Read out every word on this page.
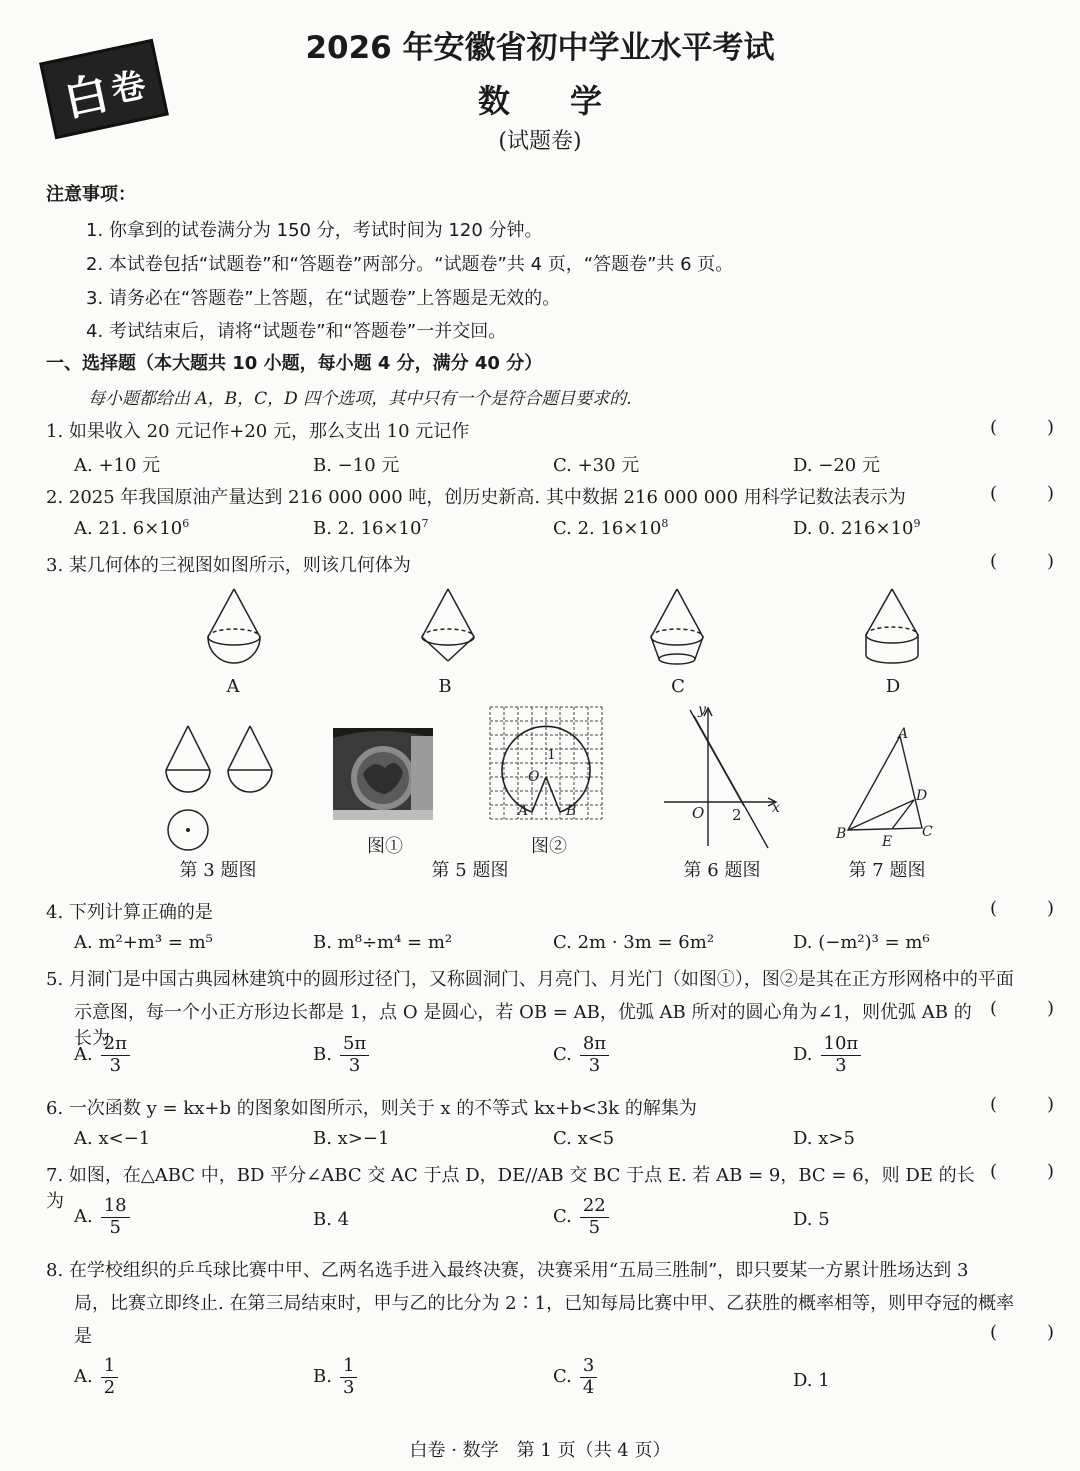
白
卷
2026 年安徽省初中学业水平考试
数学
(试题卷)
注意事项：
1. 你拿到的试卷满分为 150 分，考试时间为 120 分钟。
2. 本试卷包括“试题卷”和“答题卷”两部分。“试题卷”共 4 页，“答题卷”共 6 页。
3. 请务必在“答题卷”上答题，在“试题卷”上答题是无效的。
4. 考试结束后，请将“试题卷”和“答题卷”一并交回。
一、选择题（本大题共 10 小题，每小题 4 分，满分 40 分）
每小题都给出 A，B，C，D 四个选项，其中只有一个是符合题目要求的.
1. 如果收入 20 元记作+20 元，那么支出 10 元记作	(	)
A. +10 元	B. −10 元	C. +30 元	D. −20 元
2. 2025 年我国原油产量达到 216 000 000 吨，创历史新高. 其中数据 216 000 000 用科学记数法表示为	(	)
A. 21. $6\times 10^6$	B. 2. $16\times 10^7$	C. 2. $16\times 10^8$	D. 0. $216\times 10^9$
3. 某几何体的三视图如图所示，则该几何体为	(	)
A	B	C	D
第 3 题图
图①
1
O
A	B
图②
第 5 题图
y
x
O 2
第 6 题图
A
B	C
D
E
第 7 题图
4. 下列计算正确的是	(	)
A. m²+m³ = m⁵	B. m⁸÷m⁴ = m²	C. 2m · 3m = 6m²	D. (−m²)³ = m⁶
5. 月洞门是中国古典园林建筑中的圆形过径门，又称圆洞门、月亮门、月光门（如图①），图②是其在正方形网格中的平面
示意图，每一个小正方形边长都是 1，点 O 是圆心，若 OB = AB，优弧 AB 所对的圆心角为∠1，则优弧 AB 的长为
(	)
A. $\frac{2\pi}{3}$	B. $\frac{5\pi}{3}$	C. $\frac{8\pi}{3}$	D. $\frac{10\pi}{3}$
6. 一次函数 y = kx+b 的图象如图所示，则关于 x 的不等式 kx+b<3k 的解集为	(	)
A. x<−1	B. x>−1	C. x<5	D. x>5
7. 如图，在△ABC 中，BD 平分∠ABC 交 AC 于点 D，DE//AB 交 BC 于点 E. 若 AB = 9，BC = 6，则 DE 的长为
(	)
A. $\frac{18}{5}$	B. 4	C. $\frac{22}{5}$	D. 5
8. 在学校组织的乒乓球比赛中甲、乙两名选手进入最终决赛，决赛采用“五局三胜制”，即只要某一方累计胜场达到 3
局，比赛立即终止. 在第三局结束时，甲与乙的比分为 2∶1，已知每局比赛中甲、乙获胜的概率相等，则甲夺冠的概率
是	(	)
A. $\frac{1}{2}$	B. $\frac{1}{3}$	C. $\frac{3}{4}$	D. 1
白卷 · 数学　第 1 页（共 4 页）
